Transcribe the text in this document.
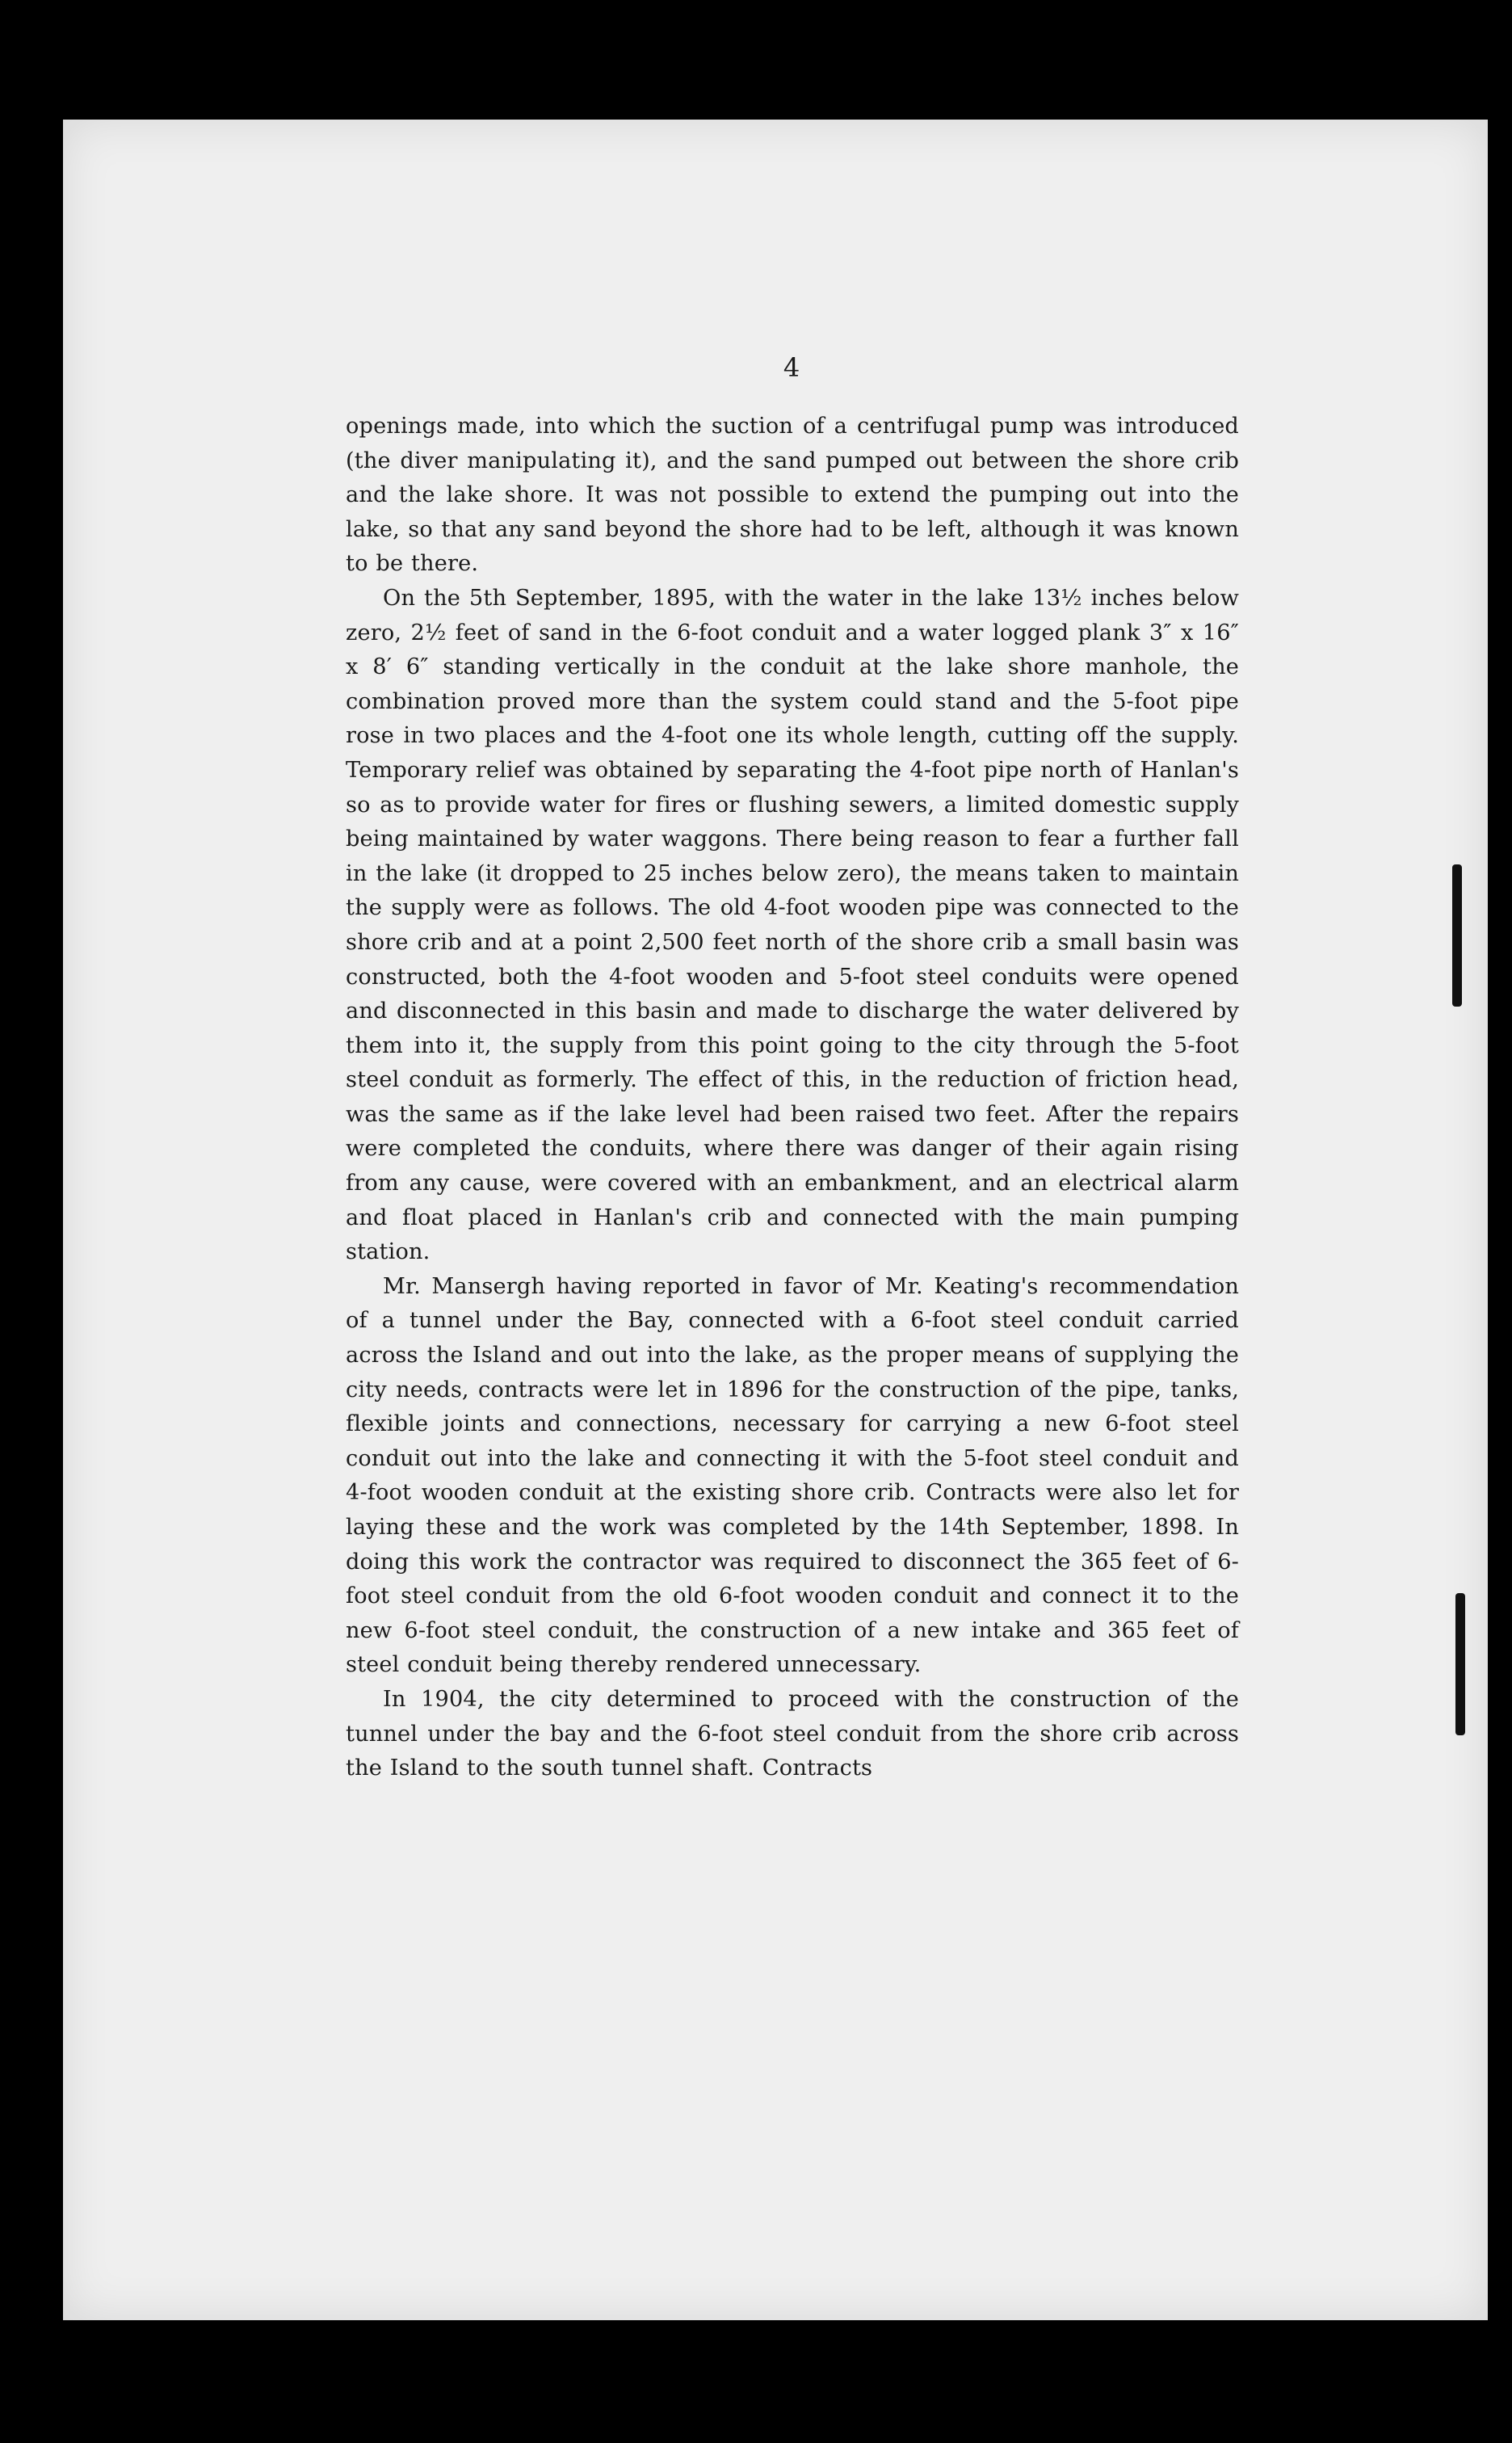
4

openings made, into which the suction of a centrifugal pump was introduced (the diver manipulating it), and the sand pumped out between the shore crib and the lake shore. It was not possible to extend the pumping out into the lake, so that any sand beyond the shore had to be left, although it was known to be there.

On the 5th September, 1895, with the water in the lake 13½ inches below zero, 2½ feet of sand in the 6-foot conduit and a water logged plank 3″ x 16″ x 8′ 6″ standing vertically in the conduit at the lake shore manhole, the combination proved more than the system could stand and the 5-foot pipe rose in two places and the 4-foot one its whole length, cutting off the supply. Temporary relief was obtained by separating the 4-foot pipe north of Hanlan's so as to provide water for fires or flushing sewers, a limited domestic supply being maintained by water waggons. There being reason to fear a further fall in the lake (it dropped to 25 inches below zero), the means taken to maintain the supply were as follows. The old 4-foot wooden pipe was connected to the shore crib and at a point 2,500 feet north of the shore crib a small basin was constructed, both the 4-foot wooden and 5-foot steel conduits were opened and disconnected in this basin and made to discharge the water delivered by them into it, the supply from this point going to the city through the 5-foot steel conduit as formerly. The effect of this, in the reduction of friction head, was the same as if the lake level had been raised two feet. After the repairs were completed the conduits, where there was danger of their again rising from any cause, were covered with an embankment, and an electrical alarm and float placed in Hanlan's crib and connected with the main pumping station.

Mr. Mansergh having reported in favor of Mr. Keating's recommendation of a tunnel under the Bay, connected with a 6-foot steel conduit carried across the Island and out into the lake, as the proper means of supplying the city needs, contracts were let in 1896 for the construction of the pipe, tanks, flexible joints and connections, necessary for carrying a new 6-foot steel conduit out into the lake and connecting it with the 5-foot steel conduit and 4-foot wooden conduit at the existing shore crib. Contracts were also let for laying these and the work was completed by the 14th September, 1898. In doing this work the contractor was required to disconnect the 365 feet of 6-foot steel conduit from the old 6-foot wooden conduit and connect it to the new 6-foot steel conduit, the construction of a new intake and 365 feet of steel conduit being thereby rendered unnecessary.

In 1904, the city determined to proceed with the construction of the tunnel under the bay and the 6-foot steel conduit from the shore crib across the Island to the south tunnel shaft. Contracts
